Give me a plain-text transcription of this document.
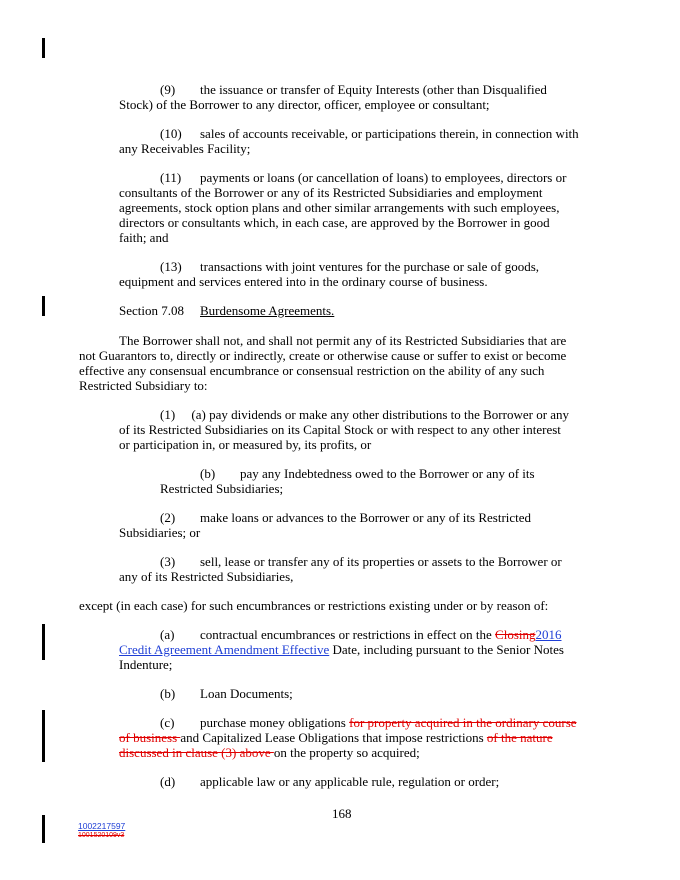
(9) the issuance or transfer of Equity Interests (other than Disqualified
Stock) of the Borrower to any director, officer, employee or consultant;
(10) sales of accounts receivable, or participations therein, in connection with
any Receivables Facility;
(11) payments or loans (or cancellation of loans) to employees, directors or
consultants of the Borrower or any of its Restricted Subsidiaries and employment
agreements, stock option plans and other similar arrangements with such employees,
directors or consultants which, in each case, are approved by the Borrower in good
faith; and
(13) transactions with joint ventures for the purchase or sale of goods,
equipment and services entered into in the ordinary course of business.
Section 7.08 Burdensome Agreements.
The Borrower shall not, and shall not permit any of its Restricted Subsidiaries that are
not Guarantors to, directly or indirectly, create or otherwise cause or suffer to exist or become
effective any consensual encumbrance or consensual restriction on the ability of any such
Restricted Subsidiary to:
(1)     (a) pay dividends or make any other distributions to the Borrower or any
of its Restricted Subsidiaries on its Capital Stock or with respect to any other interest
or participation in, or measured by, its profits, or
(b) pay any Indebtedness owed to the Borrower or any of its
Restricted Subsidiaries;
(2) make loans or advances to the Borrower or any of its Restricted
Subsidiaries; or
(3) sell, lease or transfer any of its properties or assets to the Borrower or
any of its Restricted Subsidiaries,
except (in each case) for such encumbrances or restrictions existing under or by reason of:
(a) contractual encumbrances or restrictions in effect on the Closing2016
Credit Agreement Amendment Effective Date, including pursuant to the Senior Notes
Indenture;
(b) Loan Documents;
(c) purchase money obligations for property acquired in the ordinary course
of business and Capitalized Lease Obligations that impose restrictions of the nature
discussed in clause (3) above on the property so acquired;
(d) applicable law or any applicable rule, regulation or order;
168
1002217597
1001520109v3
